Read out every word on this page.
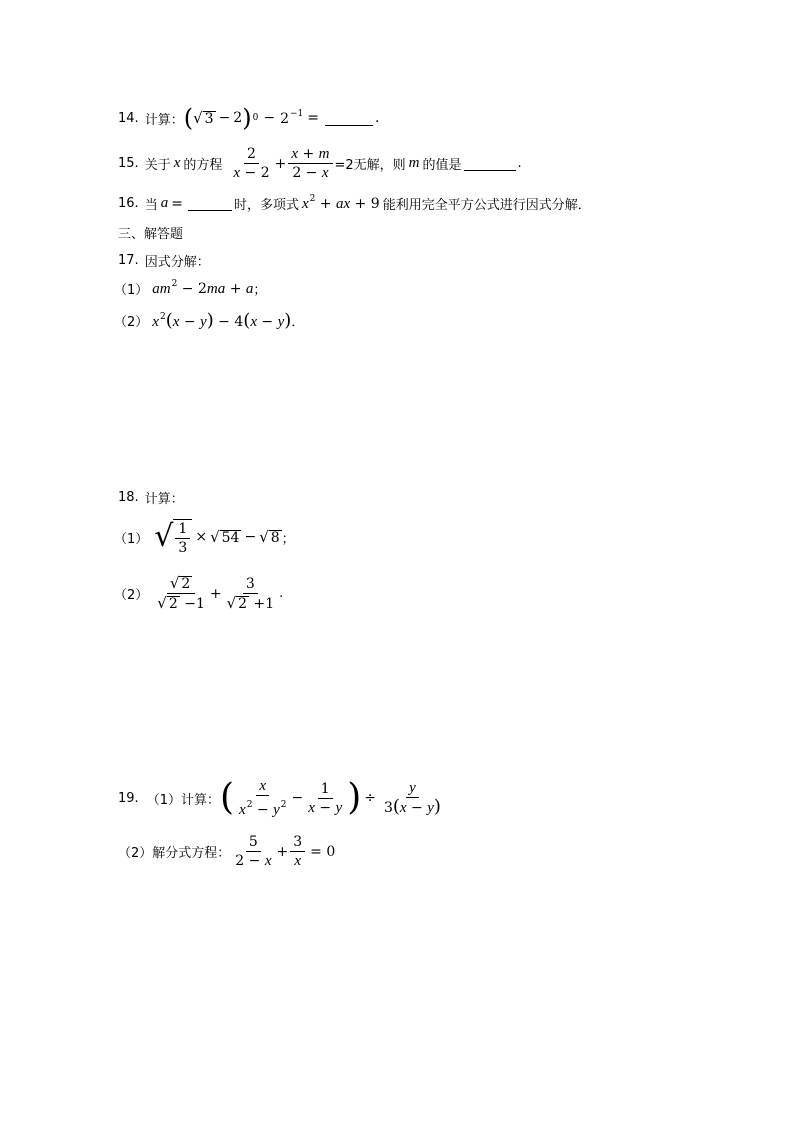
14. 计算： ( √ 3 − 2 ) $0 - 2^{-1}$ =	.
15. 关于 x 的方程 $\frac{2}{x - 2} + \frac{x + m}{2 - x} =2$无解，则 m 的值是	.
16. 当 a =	时，多项式 $x^2$ + ax + 9 能利用完全平方公式进行因式分解．
三、解答题
17. 因式分解：
（1） $am^2 - 2ma + a$ ；
（2） $x^2(x - y) - 4(x - y)$ ．
18. 计算：
（1） √ $\frac{1}{3}$ × √ 54 − √ 8 ；
$(2) \frac{√ 2}{√ 2 -1} + \frac{3}{√ 2 +1}$ .
19. （1）计算： ( $\frac{x}{x^2 - y^2} - \frac{1}{x - y}$ ) ÷ $\frac{y}{3(x - y)}$
（2）解分式方程： $\frac{5}{2 - x} + \frac{3}{x} = 0$
